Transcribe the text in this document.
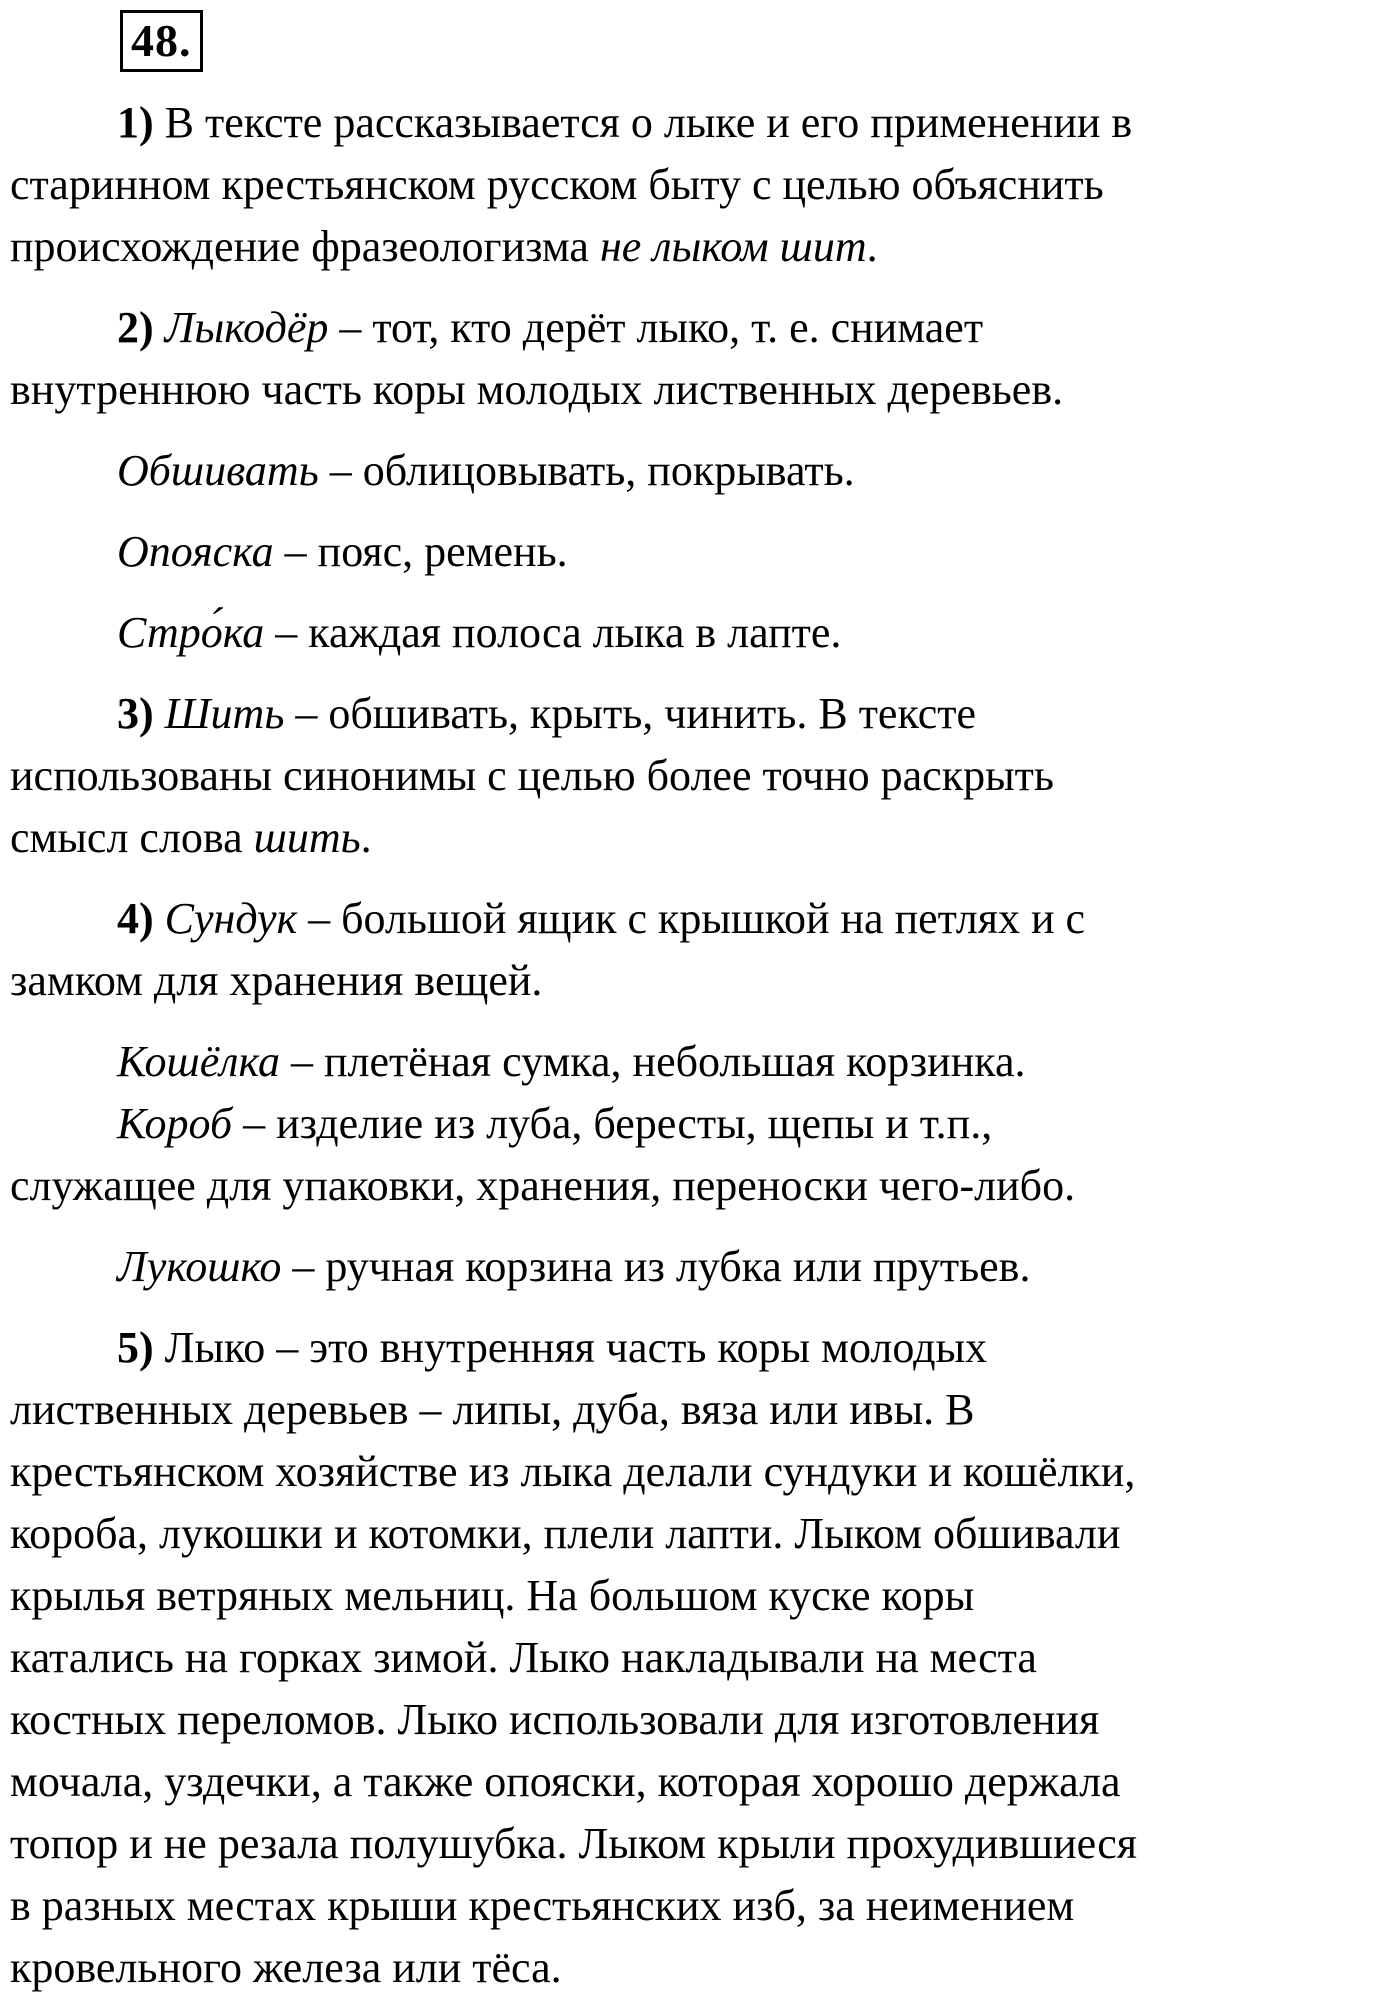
48.
1) В тексте рассказывается о лыке и его применении в
старинном крестьянском русском быту с целью объяснить
происхождение фразеологизма не лыком шит.
2) Лыкодёр – тот, кто дерёт лыко, т. е. снимает
внутреннюю часть коры молодых лиственных деревьев.
Обшивать – облицовывать, покрывать.
Опояска – пояс, ремень.
Стро́ка – каждая полоса лыка в лапте.
3) Шить – обшивать, крыть, чинить. В тексте
использованы синонимы с целью более точно раскрыть
смысл слова шить.
4) Сундук – большой ящик с крышкой на петлях и с
замком для хранения вещей.
Кошёлка – плетёная сумка, небольшая корзинка.
Короб – изделие из луба, бересты, щепы и т.п.,
служащее для упаковки, хранения, переноски чего-либо.
Лукошко – ручная корзина из лубка или прутьев.
5) Лыко – это внутренняя часть коры молодых
лиственных деревьев – липы, дуба, вяза или ивы. В
крестьянском хозяйстве из лыка делали сундуки и кошёлки,
короба, лукошки и котомки, плели лапти. Лыком обшивали
крылья ветряных мельниц. На большом куске коры
катались на горках зимой. Лыко накладывали на места
костных переломов. Лыко использовали для изготовления
мочала, уздечки, а также опояски, которая хорошо держала
топор и не резала полушубка. Лыком крыли прохудившиеся
в разных местах крыши крестьянских изб, за неимением
кровельного железа или тёса.
